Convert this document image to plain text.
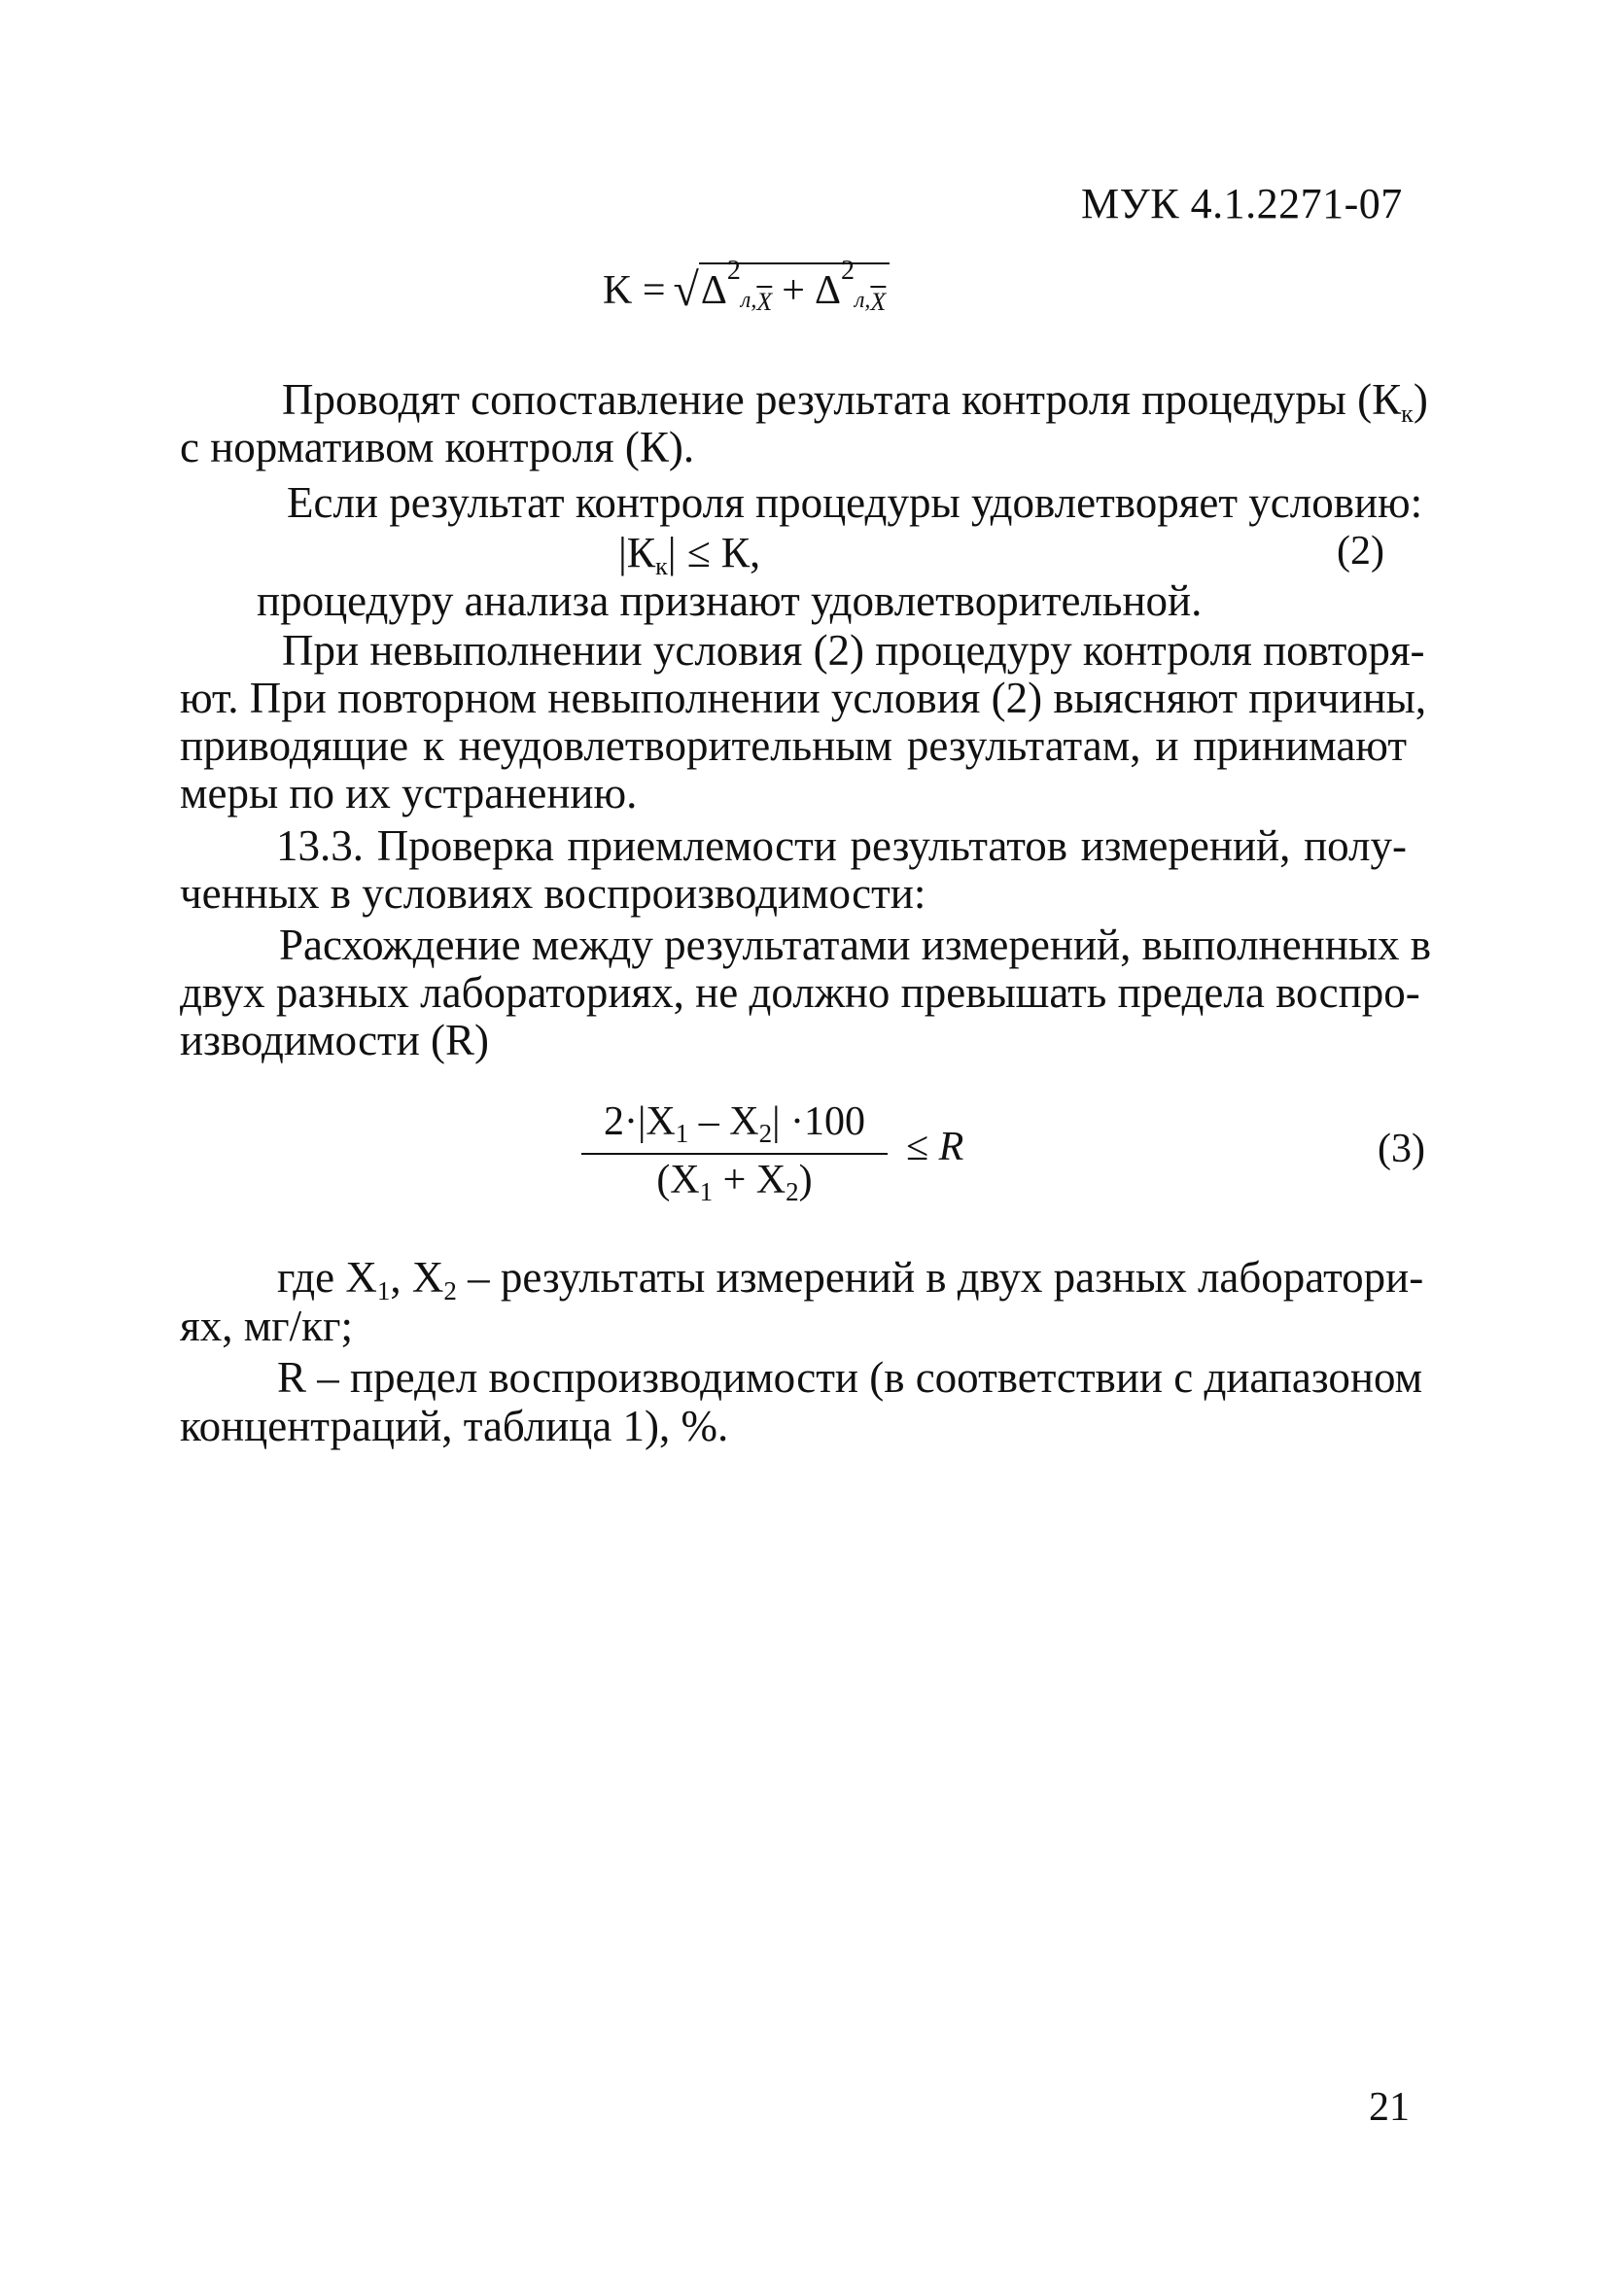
МУК 4.1.2271-07
K = √ Δ 2
л, $\overline{X} + \Delta$ 2
л, $\overline{X}$
Проводят сопоставление результата контроля процедуры (Кк)
с нормативом контроля (К).
Если результат контроля процедуры удовлетворяет условию:
|Кк| ≤ К,	(2)
процедуру анализа признают удовлетворительной.
При невыполнении условия (2) процедуру контроля повторя-
ют. При повторном невыполнении условия (2) выясняют причины,
приводящие к неудовлетворительным результатам, и принимают
меры по их устранению.
13.3. Проверка приемлемости результатов измерений, полу-
ченных в условиях воспроизводимости:
Расхождение между результатами измерений, выполненных в
двух разных лабораториях, не должно превышать предела воспро-
изводимости (R)
2·|X1 – X2| ·100
(X1 + X2)
≤ R	(3)
где X1, X2 – результаты измерений в двух разных лаборатори-
ях, мг/кг;
R – предел воспроизводимости (в соответствии с диапазоном
концентраций, таблица 1), %.
21
